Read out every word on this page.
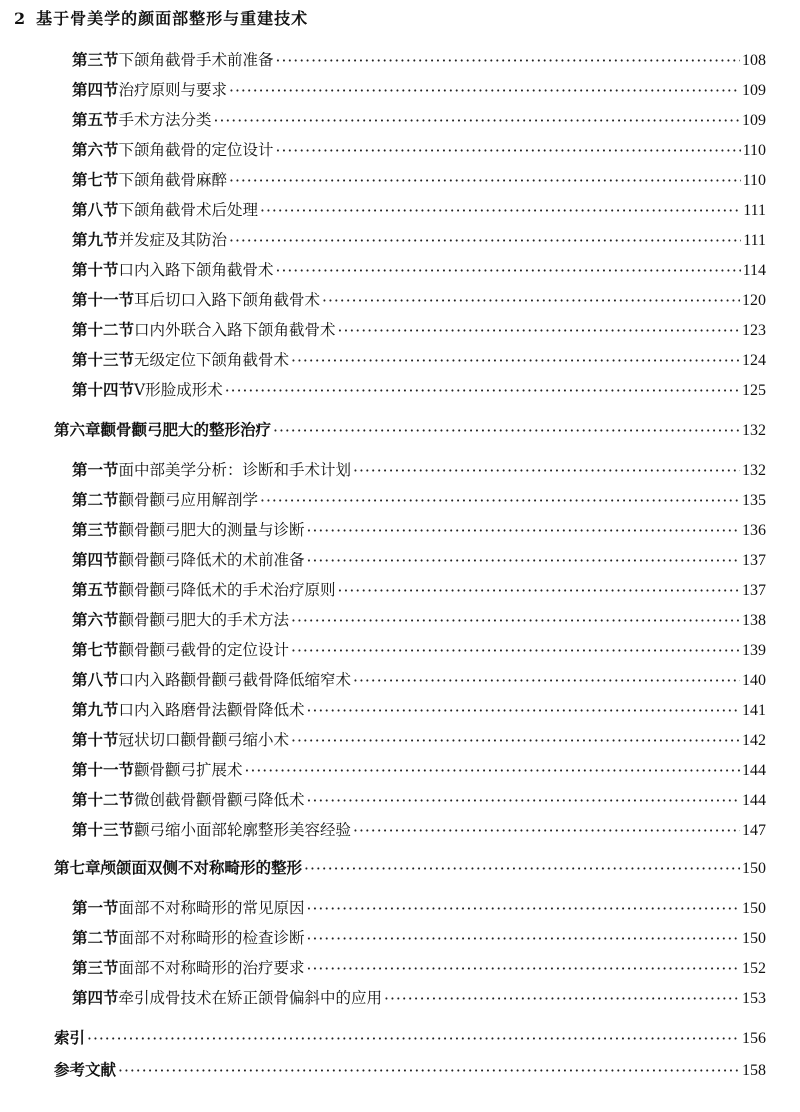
2 基于骨美学的颜面部整形与重建技术
第三节 下颌角截骨手术前准备 ·····	108
第四节 治疗原则与要求 ·····	109
第五节 手术方法分类 ·····	109
第六节 下颌角截骨的定位设计 ·····	110
第七节 下颌角截骨麻醉 ·····	110
第八节 下颌角截骨术后处理 ·····	111
第九节 并发症及其防治 ·····	111
第十节 口内入路下颌角截骨术 ·····	114
第十一节 耳后切口入路下颌角截骨术 ·····	120
第十二节 口内外联合入路下颌角截骨术 ·····	123
第十三节 无级定位下颌角截骨术 ·····	124
第十四节 V形脸成形术 ·····	125
第六章 颧骨颧弓肥大的整形治疗 ·····	132
第一节 面中部美学分析：诊断和手术计划 ·····	132
第二节 颧骨颧弓应用解剖学 ·····	135
第三节 颧骨颧弓肥大的测量与诊断 ·····	136
第四节 颧骨颧弓降低术的术前准备 ·····	137
第五节 颧骨颧弓降低术的手术治疗原则 ·····	137
第六节 颧骨颧弓肥大的手术方法 ·····	138
第七节 颧骨颧弓截骨的定位设计 ·····	139
第八节 口内入路颧骨颧弓截骨降低缩窄术 ·····	140
第九节 口内入路磨骨法颧骨降低术 ·····	141
第十节 冠状切口颧骨颧弓缩小术 ·····	142
第十一节 颧骨颧弓扩展术 ·····	144
第十二节 微创截骨颧骨颧弓降低术 ·····	144
第十三节 颧弓缩小面部轮廓整形美容经验 ·····	147
第七章 颅颌面双侧不对称畸形的整形 ·····	150
第一节 面部不对称畸形的常见原因 ·····	150
第二节 面部不对称畸形的检查诊断 ·····	150
第三节 面部不对称畸形的治疗要求 ·····	152
第四节 牵引成骨技术在矫正颌骨偏斜中的应用 ·····	153
索引 ·····	156
参考文献 ·····	158
